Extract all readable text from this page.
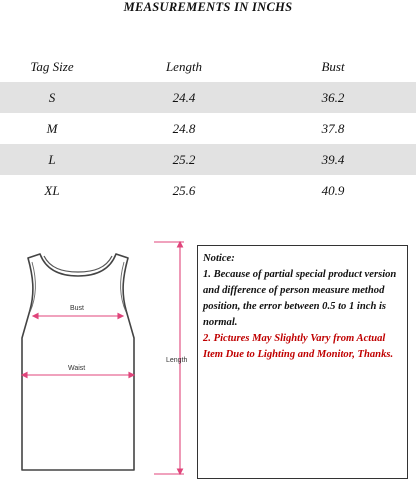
MEASUREMENTS IN INCHS
Tag Size	Length	Bust
S	24.4	36.2
M	24.8	37.8
L	25.2	39.4
XL	25.6	40.9
Bust
Waist
Length

Notice:

1. Because of partial special product version and difference of person measure method position, the error between 0.5 to 1 inch is normal.

2. Pictures May Slightly Vary from Actual Item Due to Lighting and Monitor, Thanks.
